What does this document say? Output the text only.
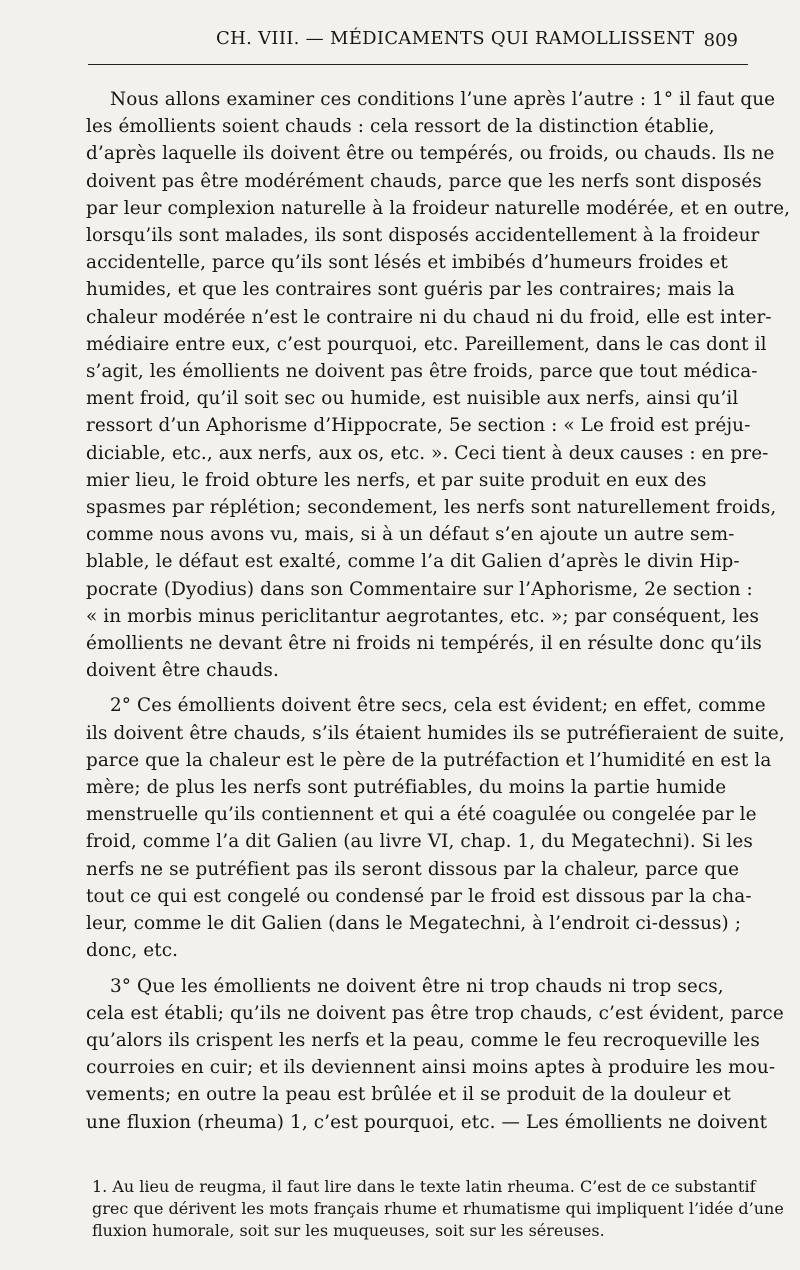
CH. VIII. — MÉDICAMENTS QUI RAMOLLISSENT 809

Nous allons examiner ces conditions l’une après l’autre : 1° il faut que
les émollients soient chauds : cela ressort de la distinction établie,
d’après laquelle ils doivent être ou tempérés, ou froids, ou chauds. Ils ne
doivent pas être modérément chauds, parce que les nerfs sont disposés
par leur complexion naturelle à la froideur naturelle modérée, et en outre,
lorsqu’ils sont malades, ils sont disposés accidentellement à la froideur
accidentelle, parce qu’ils sont lésés et imbibés d’humeurs froides et
humides, et que les contraires sont guéris par les contraires; mais la
chaleur modérée n’est le contraire ni du chaud ni du froid, elle est inter-
médiaire entre eux, c’est pourquoi, etc. Pareillement, dans le cas dont il
s’agit, les émollients ne doivent pas être froids, parce que tout médica-
ment froid, qu’il soit sec ou humide, est nuisible aux nerfs, ainsi qu’il
ressort d’un Aphorisme d’Hippocrate, 5e section : « Le froid est préju-
diciable, etc., aux nerfs, aux os, etc. ». Ceci tient à deux causes : en pre-
mier lieu, le froid obture les nerfs, et par suite produit en eux des
spasmes par réplétion; secondement, les nerfs sont naturellement froids,
comme nous avons vu, mais, si à un défaut s’en ajoute un autre sem-
blable, le défaut est exalté, comme l’a dit Galien d’après le divin Hip-
pocrate (Dyodius) dans son Commentaire sur l’Aphorisme, 2e section :
« in morbis minus periclitantur aegrotantes, etc. »; par conséquent, les
émollients ne devant être ni froids ni tempérés, il en résulte donc qu’ils
doivent être chauds.

2° Ces émollients doivent être secs, cela est évident; en effet, comme
ils doivent être chauds, s’ils étaient humides ils se putréfieraient de suite,
parce que la chaleur est le père de la putréfaction et l’humidité en est la
mère; de plus les nerfs sont putréfiables, du moins la partie humide
menstruelle qu’ils contiennent et qui a été coagulée ou congelée par le
froid, comme l’a dit Galien (au livre VI, chap. 1, du Megatechni). Si les
nerfs ne se putréfient pas ils seront dissous par la chaleur, parce que
tout ce qui est congelé ou condensé par le froid est dissous par la cha-
leur, comme le dit Galien (dans le Megatechni, à l’endroit ci-dessus) ;
donc, etc.

3° Que les émollients ne doivent être ni trop chauds ni trop secs,
cela est établi; qu’ils ne doivent pas être trop chauds, c’est évident, parce
qu’alors ils crispent les nerfs et la peau, comme le feu recroqueville les
courroies en cuir; et ils deviennent ainsi moins aptes à produire les mou-
vements; en outre la peau est brûlée et il se produit de la douleur et
une fluxion (rheuma) 1, c’est pourquoi, etc. — Les émollients ne doivent

1. Au lieu de reugma, il faut lire dans le texte latin rheuma. C’est de ce substantif
grec que dérivent les mots français rhume et rhumatisme qui impliquent l’idée d’une
fluxion humorale, soit sur les muqueuses, soit sur les séreuses.
